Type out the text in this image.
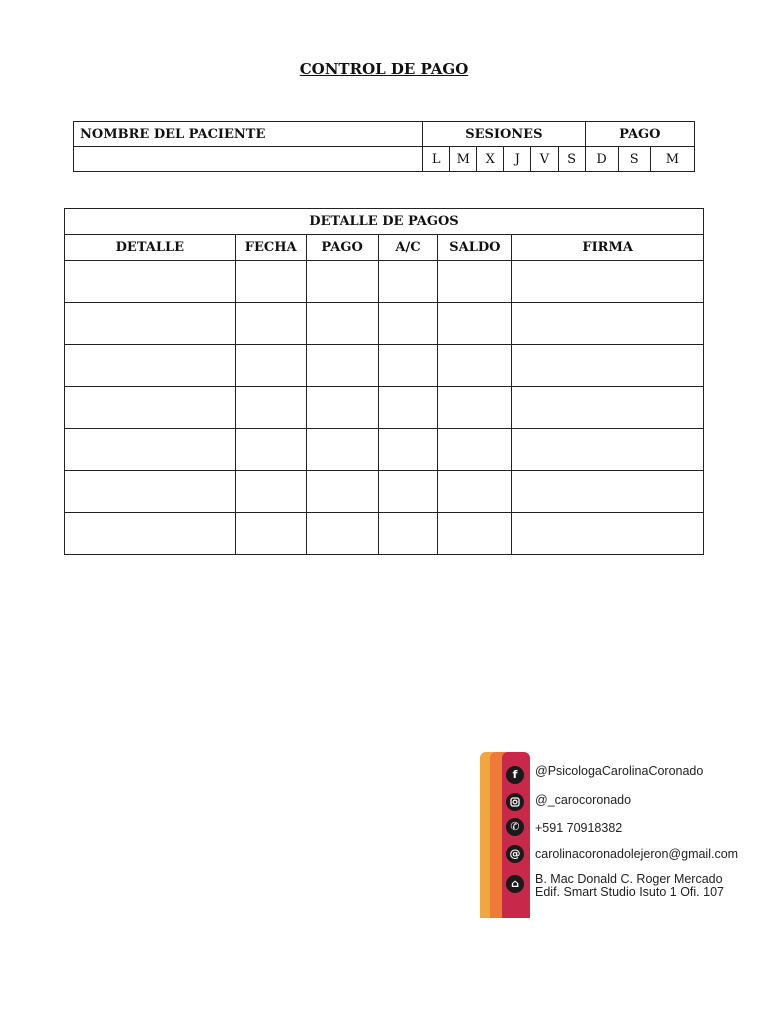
CONTROL DE PAGO
NOMBRE DEL PACIENTE	SESIONES						PAGO		
	L	M	X	J	V	S	D	S	M
DETALLE DE PAGOS					
DETALLE	FECHA	PAGO	A/C	SALDO	FIRMA

f	@PsicologaCarolinaCoronado
@_carocoronado
✆	+591 70918382
@ carolinacoronadolejeron@gmail.com
⌂	B. Mac Donald C. Roger Mercado
Edif. Smart Studio Isuto 1 Ofi. 107
